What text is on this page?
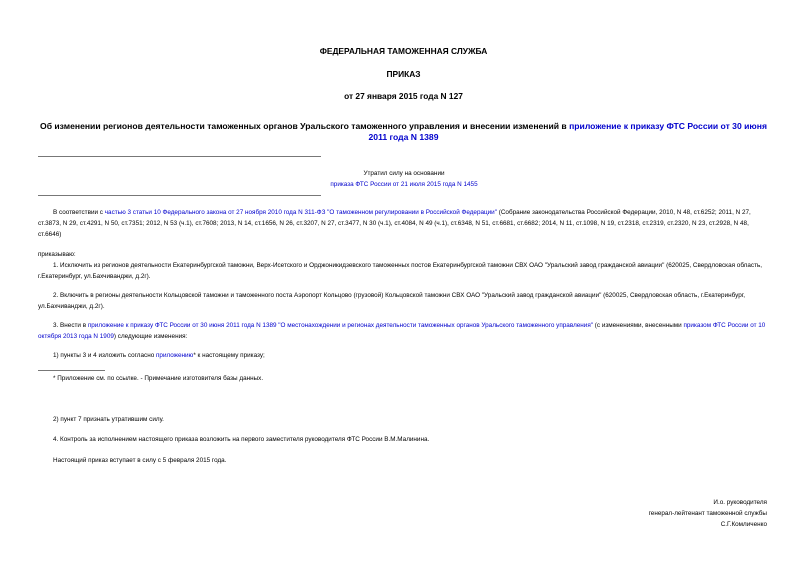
ФЕДЕРАЛЬНАЯ ТАМОЖЕННАЯ СЛУЖБА
ПРИКАЗ
от 27 января 2015 года N 127
Об изменении регионов деятельности таможенных органов Уральского таможенного управления и внесении изменений в приложение к приказу ФТС России от 30 июня 2011 года N 1389
Утратил силу на основании
приказа ФТС России от 21 июля 2015 года N 1455
В соответствии с частью 3 статьи 10 Федерального закона от 27 ноября 2010 года N 311-ФЗ "О таможенном регулировании в Российской Федерации" (Собрание законодательства Российской Федерации, 2010, N 48, ст.6252; 2011, N 27, ст.3873, N 29, ст.4291, N 50, ст.7351; 2012, N 53 (ч.1), ст.7608; 2013, N 14, ст.1656, N 26, ст.3207, N 27, ст.3477, N 30 (ч.1), ст.4084, N 49 (ч.1), ст.6348, N 51, ст.6681, ст.6682; 2014, N 11, ст.1098, N 19, ст.2318, ст.2319, ст.2320, N 23, ст.2928, N 48, ст.6646)
приказываю:
1. Исключить из регионов деятельности Екатеринбургской таможни, Верх-Исетского и Орджоникидзевского таможенных постов Екатеринбургской таможни СВХ ОАО "Уральский завод гражданской авиации" (620025, Свердловская область, г.Екатеринбург, ул.Бахчиванджи, д.2г).
2. Включить в регионы деятельности Кольцовской таможни и таможенного поста Аэропорт Кольцово (грузовой) Кольцовской таможни СВХ ОАО "Уральский завод гражданской авиации" (620025, Свердловская область, г.Екатеринбург, ул.Бахчиванджи, д.2г).
3. Внести в приложение к приказу ФТС России от 30 июня 2011 года N 1389 "О местонахождении и регионах деятельности таможенных органов Уральского таможенного управления" (с изменениями, внесенными приказом ФТС России от 10 октября 2013 года N 1909) следующие изменения:
1) пункты 3 и 4 изложить согласно приложению* к настоящему приказу;
* Приложение см. по ссылке. - Примечание изготовителя базы данных.
2) пункт 7 признать утратившим силу.
4. Контроль за исполнением настоящего приказа возложить на первого заместителя руководителя ФТС России В.М.Малинина.
Настоящий приказ вступает в силу с 5 февраля 2015 года.
И.о. руководителя
генерал-лейтенант таможенной службы
С.Г.Комличенко
